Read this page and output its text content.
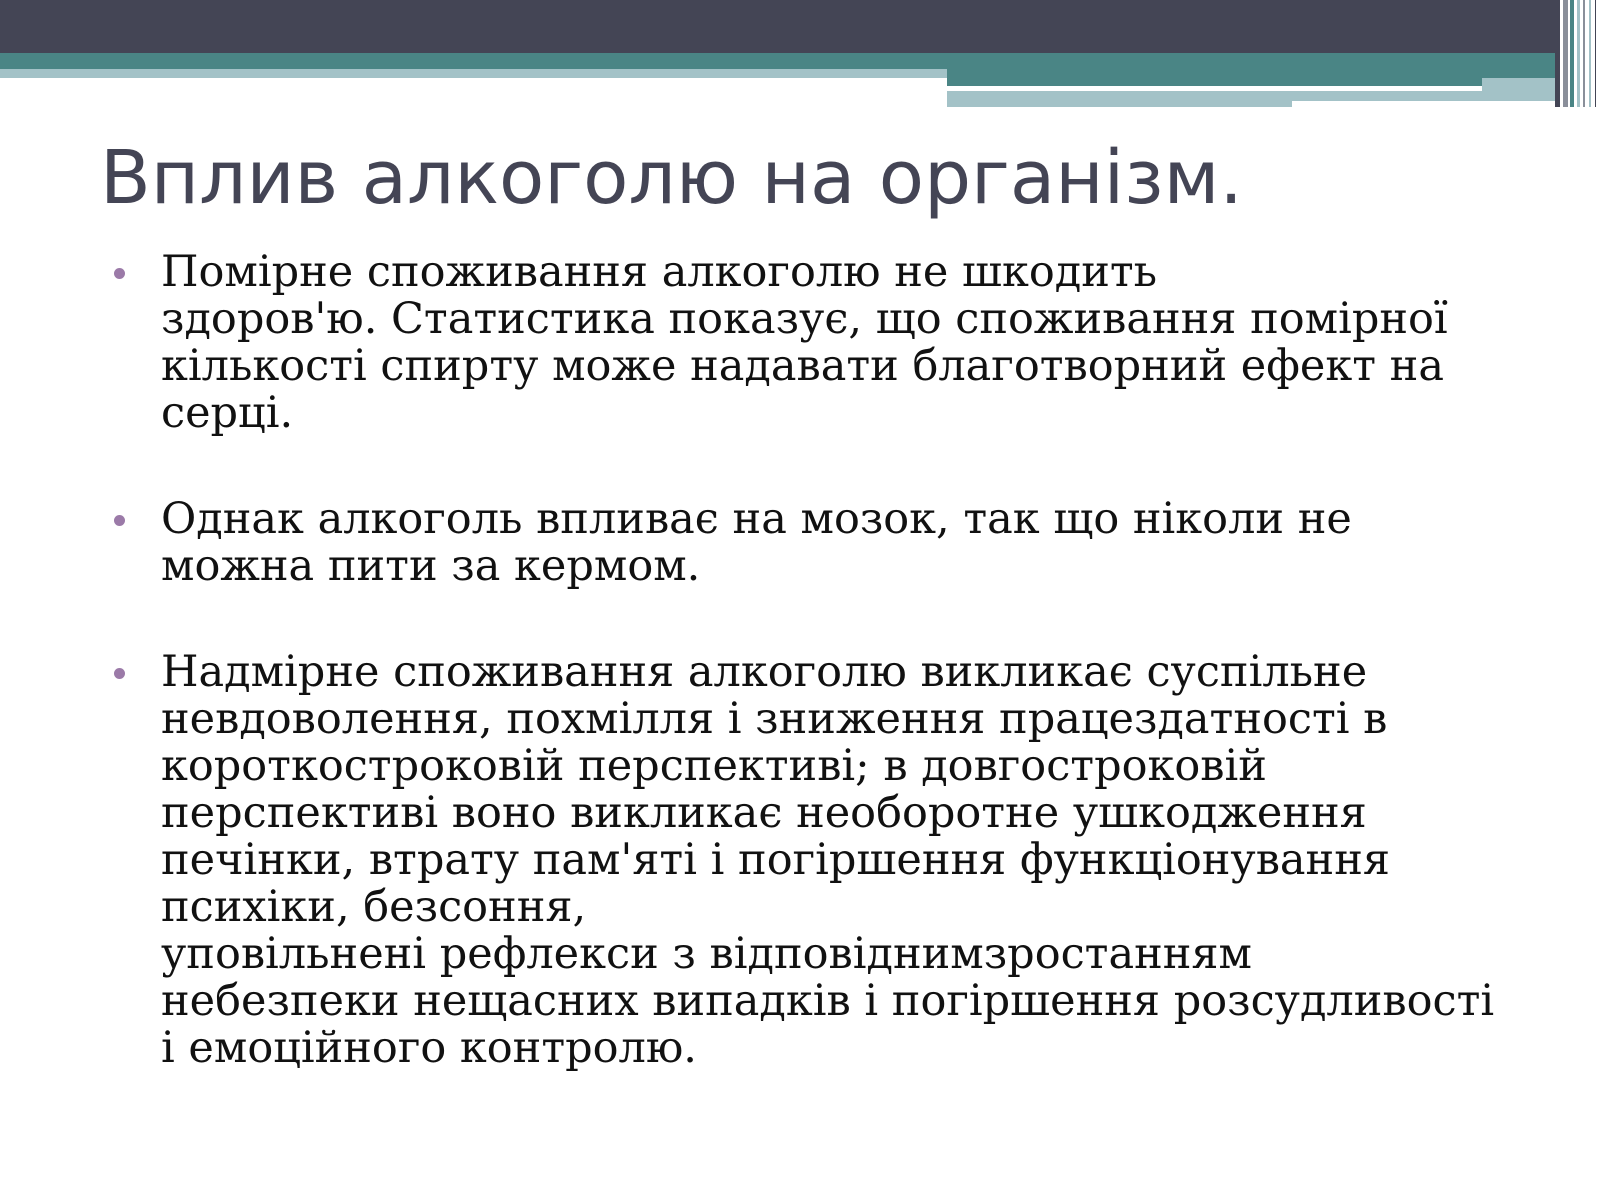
Вплив алкоголю на організм.
Помірне споживання алкоголю не шкодить
здоров'ю. Статистика показує, що споживання помірної
кількості спирту може надавати благотворний ефект на
серці.
Однак алкоголь впливає на мозок, так що ніколи не
можна пити за кермом.
Надмірне споживання алкоголю викликає суспільне
невдоволення, похмілля і зниження працездатності в
короткостроковій перспективі; в довгостроковій
перспективі воно викликає необоротне ушкодження
печінки, втрату пам'яті і погіршення функціонування
психіки, безсоння,
уповільнені рефлекси з відповіднимзростанням
небезпеки нещасних випадків і погіршення розсудливості
і емоційного контролю.
